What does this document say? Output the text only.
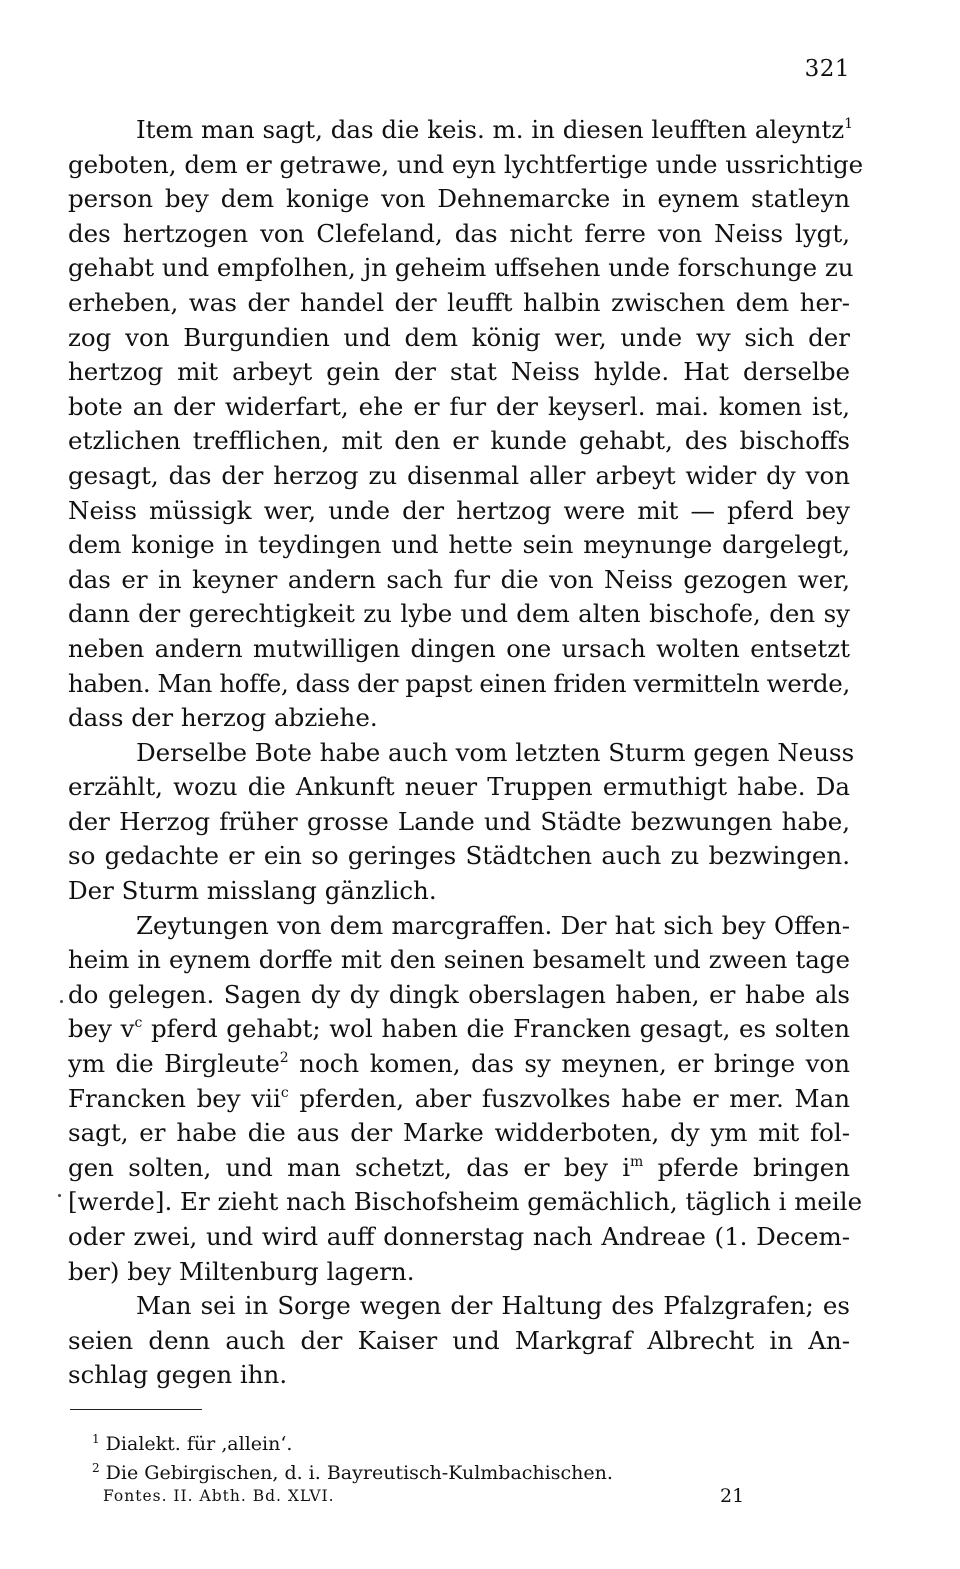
321
Item man sagt, das die keis. m. in diesen leufften aleyntz$^1$
geboten, dem er getrawe, und eyn lychtfertige unde ussrichtige
person bey dem konige von Dehnemarcke in eynem statleyn
des hertzogen von Clefeland, das nicht ferre von Neiss lygt,
gehabt und empfolhen, jn geheim uffsehen unde forschunge zu
erheben, was der handel der leufft halbin zwischen dem her-
zog von Burgundien und dem könig wer, unde wy sich der
hertzog mit arbeyt gein der stat Neiss hylde. Hat derselbe
bote an der widerfart, ehe er fur der keyserl. mai. komen ist,
etzlichen trefflichen, mit den er kunde gehabt, des bischoffs
gesagt, das der herzog zu disenmal aller arbeyt wider dy von
Neiss müssigk wer, unde der hertzog were mit — pferd bey
dem konige in teydingen und hette sein meynunge dargelegt,
das er in keyner andern sach fur die von Neiss gezogen wer,
dann der gerechtigkeit zu lybe und dem alten bischofe, den sy
neben andern mutwilligen dingen one ursach wolten entsetzt
haben. Man hoffe, dass der papst einen friden vermitteln werde,
dass der herzog abziehe.
Derselbe Bote habe auch vom letzten Sturm gegen Neuss
erzählt, wozu die Ankunft neuer Truppen ermuthigt habe. Da
der Herzog früher grosse Lande und Städte bezwungen habe,
so gedachte er ein so geringes Städtchen auch zu bezwingen.
Der Sturm misslang gänzlich.
Zeytungen von dem marcgraffen. Der hat sich bey Offen-
heim in eynem dorffe mit den seinen besamelt und zween tage
do gelegen. Sagen dy dy dingk oberslagen haben, er habe als
bey $v^c$ pferd gehabt; wol haben die Francken gesagt, es solten
ym die Birgleute$^2$ noch komen, das sy meynen, er bringe von
Francken bey vii$^c$ pferden, aber fuszvolkes habe er mer. Man
sagt, er habe die aus der Marke widderboten, dy ym mit fol-
gen solten, und man schetzt, das er bey $i^m$ pferde bringen
[werde]. Er zieht nach Bischofsheim gemächlich, täglich i meile
oder zwei, und wird auff donnerstag nach Andreae (1. Decem-
ber) bey Miltenburg lagern.
Man sei in Sorge wegen der Haltung des Pfalzgrafen; es
seien denn auch der Kaiser und Markgraf Albrecht in An-
schlag gegen ihn.
$^1$ Dialekt. für ‚allein‘.
$^2$ Die Gebirgischen, d. i. Bayreutisch-Kulmbachischen.
Fontes. II. Abth. Bd. XLVI.	21
